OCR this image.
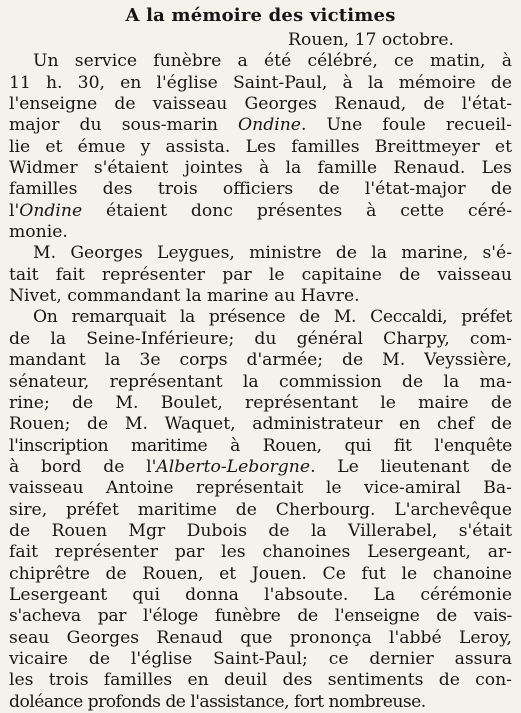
A la mémoire des victimes
Rouen, 17 octobre.
Un service funèbre a été célébré, ce matin, à
11 h. 30, en l'église Saint-Paul, à la mémoire de
l'enseigne de vaisseau Georges Renaud, de l'état-
major du sous-marin Ondine. Une foule recueil-
lie et émue y assista. Les familles Breittmeyer et
Widmer s'étaient jointes à la famille Renaud. Les
familles des trois officiers de l'état-major de
l'Ondine étaient donc présentes à cette céré-
monie.
M. Georges Leygues, ministre de la marine, s'é-
tait fait représenter par le capitaine de vaisseau
Nivet, commandant la marine au Havre.
On remarquait la présence de M. Ceccaldi, préfet
de la Seine-Inférieure; du général Charpy, com-
mandant la 3e corps d'armée; de M. Veyssière,
sénateur, représentant la commission de la ma-
rine; de M. Boulet, représentant le maire de
Rouen; de M. Waquet, administrateur en chef de
l'inscription maritime à Rouen, qui fit l'enquête
à bord de l'Alberto-Leborgne. Le lieutenant de
vaisseau Antoine représentait le vice-amiral Ba-
sire, préfet maritime de Cherbourg. L'archevêque
de Rouen Mgr Dubois de la Villerabel, s'était
fait représenter par les chanoines Lesergeant, ar-
chiprêtre de Rouen, et Jouen. Ce fut le chanoine
Lesergeant qui donna l'absoute. La cérémonie
s'acheva par l'éloge funèbre de l'enseigne de vais-
seau Georges Renaud que prononça l'abbé Leroy,
vicaire de l'église Saint-Paul; ce dernier assura
les trois familles en deuil des sentiments de con-
doléance profonds de l'assistance, fort nombreuse.
